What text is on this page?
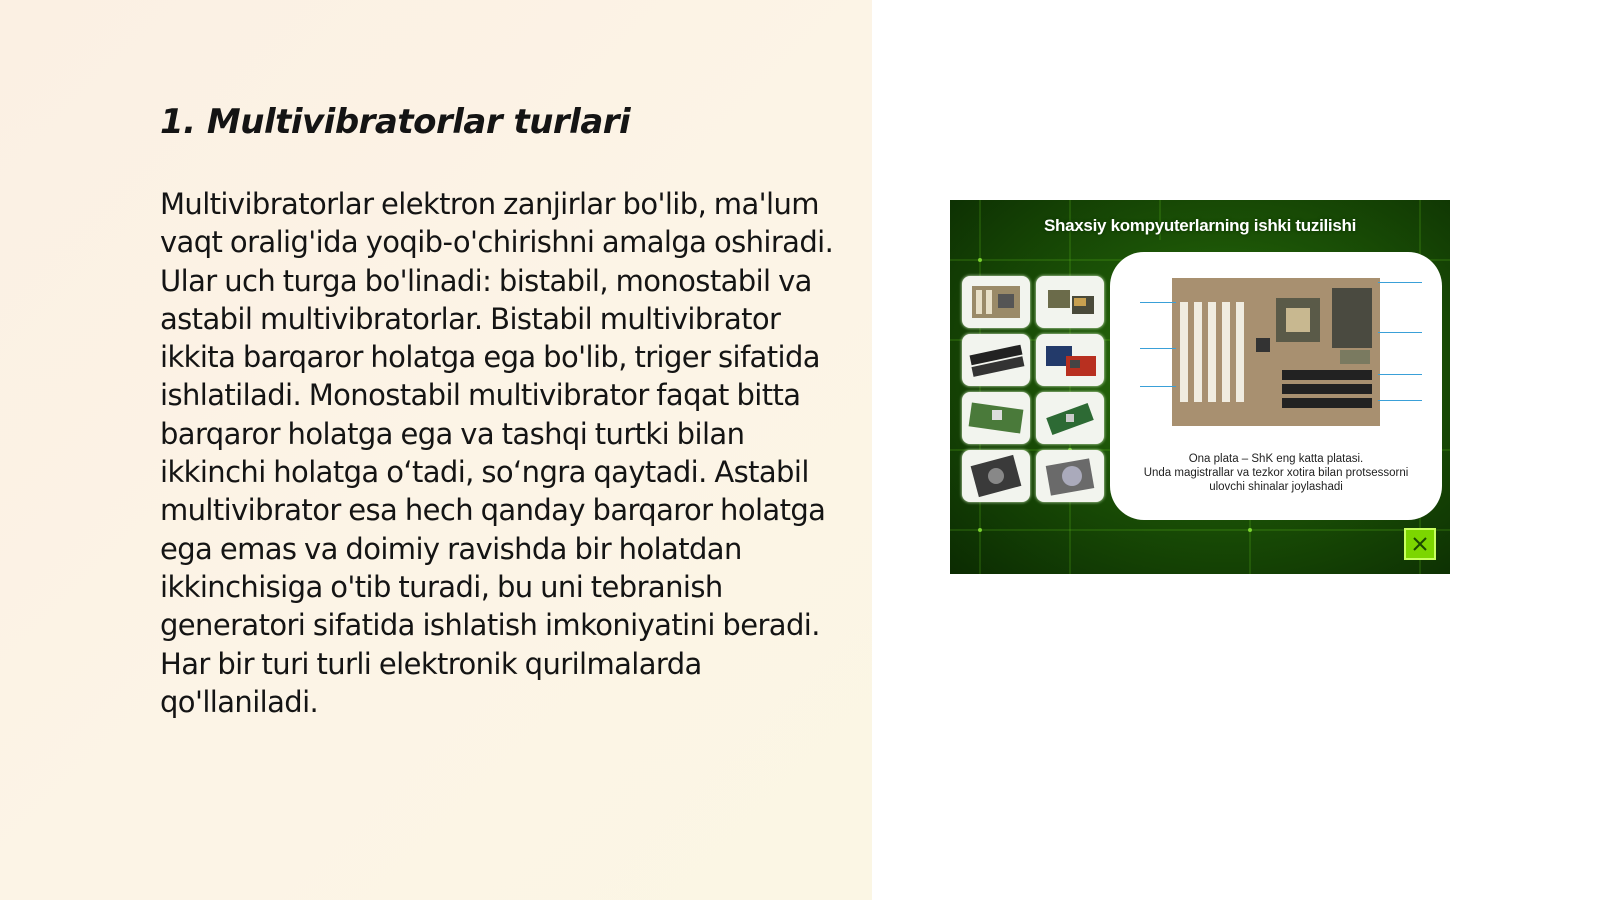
1. Multivibratorlar turlari

Multivibratorlar elektron zanjirlar bo'lib, ma'lum vaqt oralig'ida yoqib-o'chirishni amalga oshiradi. Ular uch turga bo'linadi: bistabil, monostabil va astabil multivibratorlar. Bistabil multivibrator ikkita barqaror holatga ega bo'lib, triger sifatida ishlatiladi. Monostabil multivibrator faqat bitta barqaror holatga ega va tashqi turtki bilan ikkinchi holatga o‘tadi, so‘ngra qaytadi. Astabil multivibrator esa hech qanday barqaror holatga ega emas va doimiy ravishda bir holatdan ikkinchisiga o'tib turadi, bu uni tebranish generatori sifatida ishlatish imkoniyatini beradi. Har bir turi turli elektronik qurilmalarda qo'llaniladi.

Shaxsiy kompyuterlarning ishki tuzilishi
Ona plata – ShK eng katta platasi.
Unda magistrallar va tezkor xotira bilan protsessorni
ulovchi shinalar joylashadi
